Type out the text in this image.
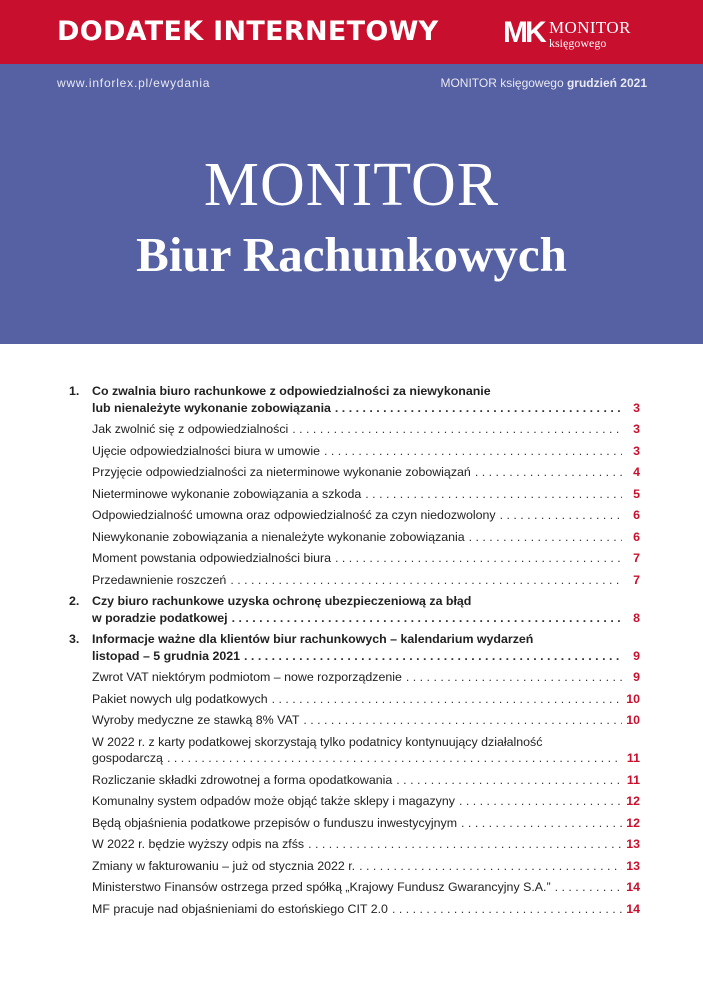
DODATEK INTERNETOWY MK MONITOR
księgowego
www.inforlex.pl/ewydania	MONITOR księgowego grudzień 2021
MONITOR
Biur Rachunkowych
1.	Co zwalnia biuro rachunkowe z odpowiedzialności za niewykonanie
lub nienależyte wykonanie zobowiązania . . .	3
Jak zwolnić się z odpowiedzialności . . .	3
Ujęcie odpowiedzialności biura w umowie . . .	3
Przyjęcie odpowiedzialności za nieterminowe wykonanie zobowiązań . . .	4
Nieterminowe wykonanie zobowiązania a szkoda . . .	5
Odpowiedzialność umowna oraz odpowiedzialność za czyn niedozwolony . . .	6
Niewykonanie zobowiązania a nienależyte wykonanie zobowiązania . . .	6
Moment powstania odpowiedzialności biura . . .	7
Przedawnienie roszczeń . . .	7
2.	Czy biuro rachunkowe uzyska ochronę ubezpieczeniową za błąd
w poradzie podatkowej . . .	8
3.	Informacje ważne dla klientów biur rachunkowych – kalendarium wydarzeń
listopad – 5 grudnia 2021 . . .	9
Zwrot VAT niektórym podmiotom – nowe rozporządzenie . . .	9
Pakiet nowych ulg podatkowych . . .	10
Wyroby medyczne ze stawką 8% VAT . . .	10
W 2022 r. z karty podatkowej skorzystają tylko podatnicy kontynuujący działalność
gospodarczą . . .	11
Rozliczanie składki zdrowotnej a forma opodatkowania . . .	11
Komunalny system odpadów może objąć także sklepy i magazyny . . .	12
Będą objaśnienia podatkowe przepisów o funduszu inwestycyjnym . . .	12
W 2022 r. będzie wyższy odpis na zfśs . . .	13
Zmiany w fakturowaniu – już od stycznia 2022 r. . . .	13
Ministerstwo Finansów ostrzega przed spółką „Krajowy Fundusz Gwarancyjny S.A.” . . .	14
MF pracuje nad objaśnieniami do estońskiego CIT 2.0 . . .	14
